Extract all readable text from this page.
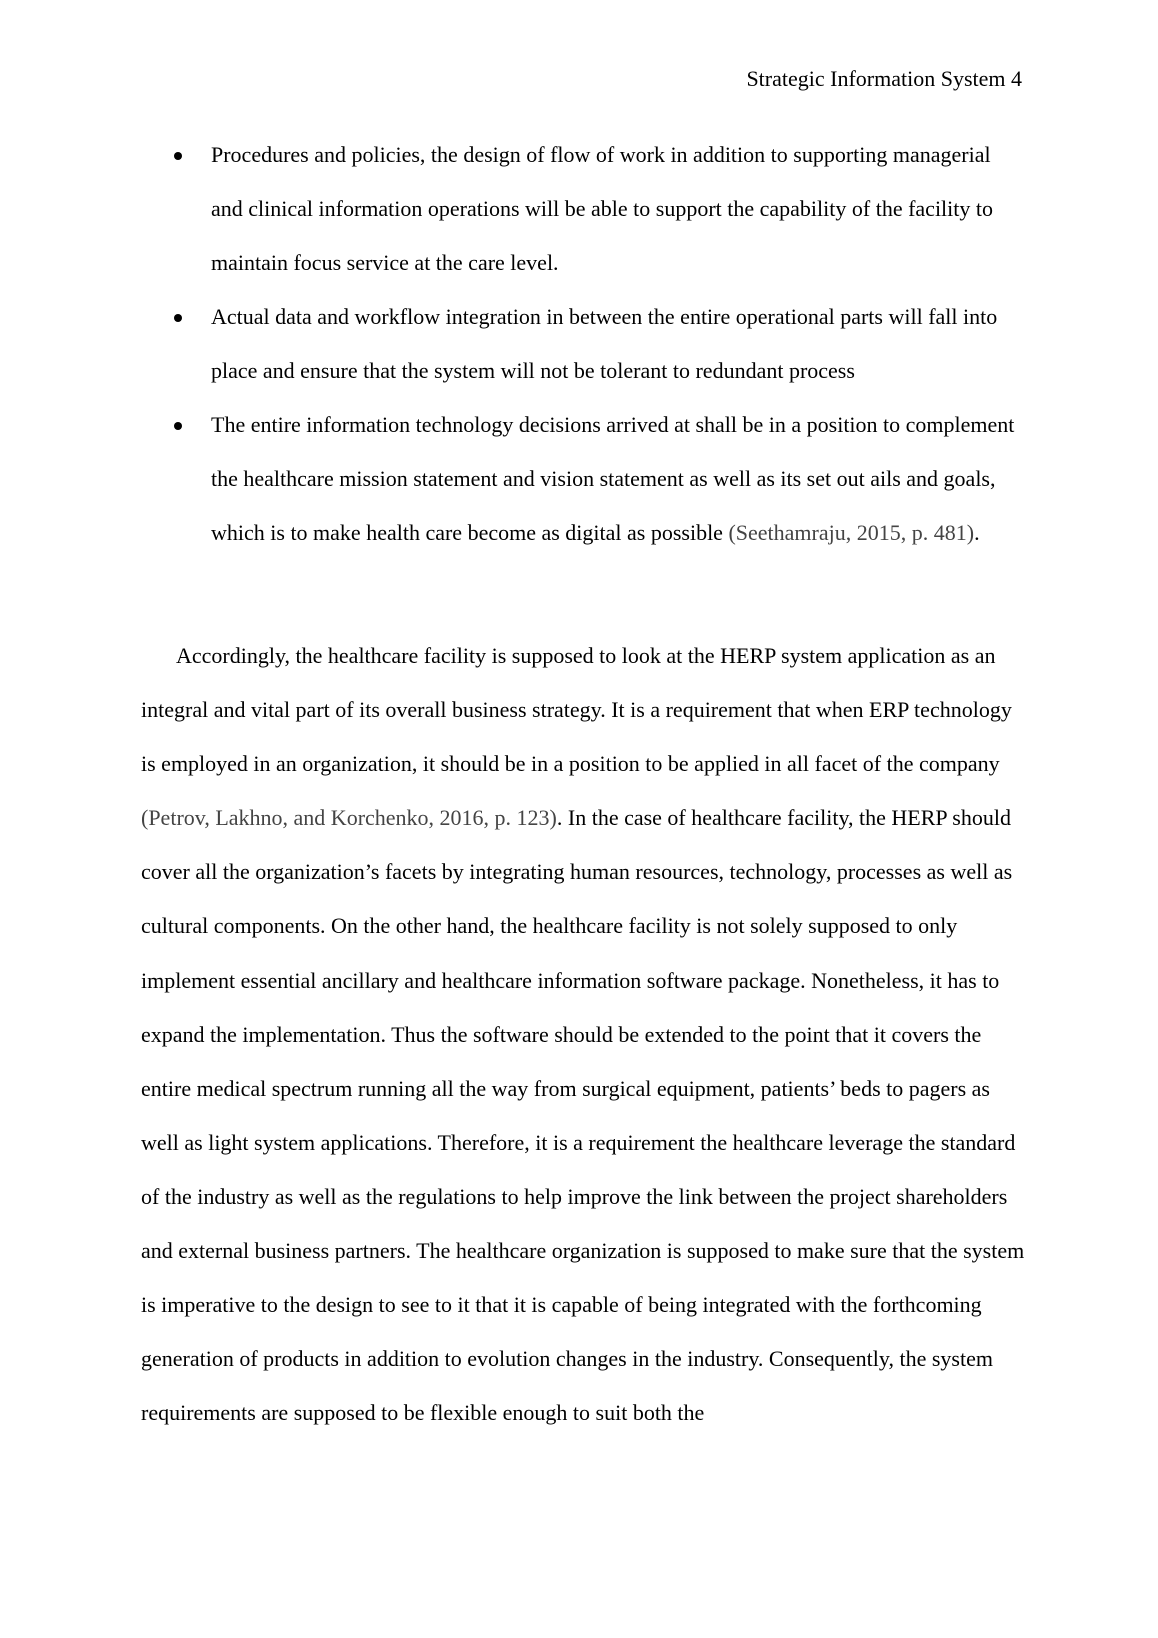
Strategic Information System 4
Procedures and policies, the design of flow of work in addition to supporting managerial and clinical information operations will be able to support the capability of the facility to maintain focus service at the care level.
Actual data and workflow integration in between the entire operational parts will fall into place and ensure that the system will not be tolerant to redundant process
The entire information technology decisions arrived at shall be in a position to complement the healthcare mission statement and vision statement as well as its set out ails and goals, which is to make health care become as digital as possible (Seethamraju, 2015, p. 481).

Accordingly, the healthcare facility is supposed to look at the HERP system application as an integral and vital part of its overall business strategy. It is a requirement that when ERP technology is employed in an organization, it should be in a position to be applied in all facet of the company (Petrov, Lakhno, and Korchenko, 2016, p. 123). In the case of healthcare facility, the HERP should cover all the organization’s facets by integrating human resources, technology, processes as well as cultural components. On the other hand, the healthcare facility is not solely supposed to only implement essential ancillary and healthcare information software package. Nonetheless, it has to expand the implementation. Thus the software should be extended to the point that it covers the entire medical spectrum running all the way from surgical equipment, patients’ beds to pagers as well as light system applications. Therefore, it is a requirement the healthcare leverage the standard of the industry as well as the regulations to help improve the link between the project shareholders and external business partners. The healthcare organization is supposed to make sure that the system is imperative to the design to see to it that it is capable of being integrated with the forthcoming generation of products in addition to evolution changes in the industry. Consequently, the system requirements are supposed to be flexible enough to suit both the
